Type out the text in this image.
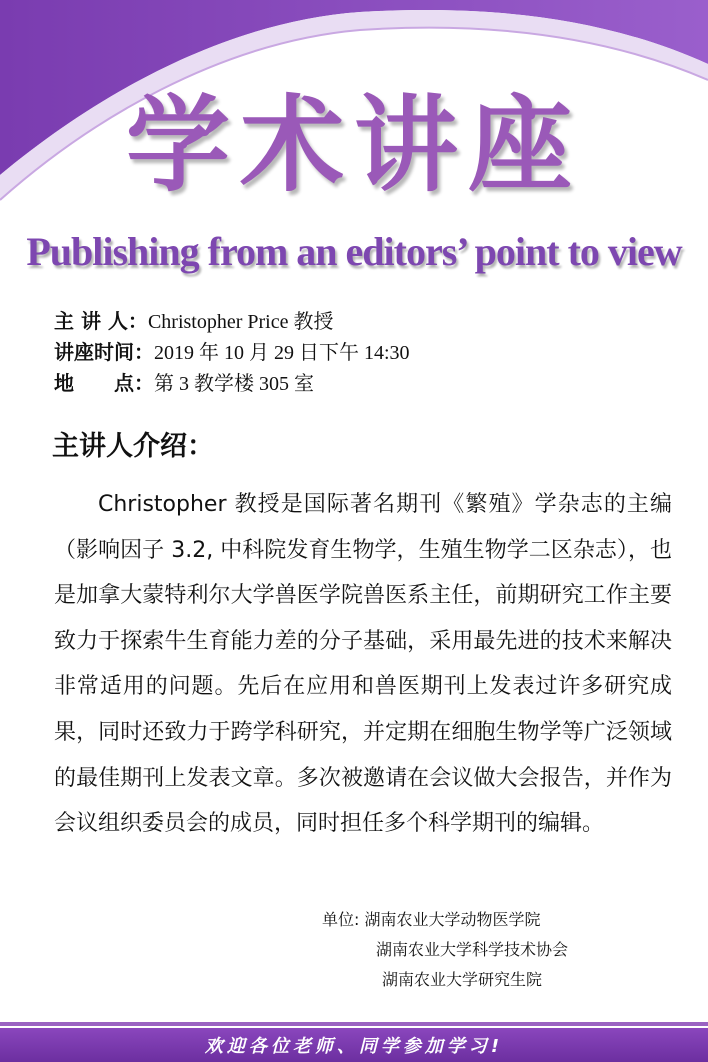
学术讲座
Publishing from an editors’ point to view
主 讲 人：Christopher Price 教授
讲座时间：2019 年 10 月 29 日下午 14:30
地　　点：第 3 教学楼 305 室
主讲人介绍：
Christopher 教授是国际著名期刊《繁殖》学杂志的主编（影响因子 3.2, 中科院发育生物学，生殖生物学二区杂志），也是加拿大蒙特利尔大学兽医学院兽医系主任，前期研究工作主要致力于探索牛生育能力差的分子基础，采用最先进的技术来解决非常适用的问题。先后在应用和兽医期刊上发表过许多研究成果，同时还致力于跨学科研究，并定期在细胞生物学等广泛领域的最佳期刊上发表文章。多次被邀请在会议做大会报告，并作为会议组织委员会的成员，同时担任多个科学期刊的编辑。
单位: 湖南农业大学动物医学院
湖南农业大学科学技术协会
湖南农业大学研究生院
欢迎各位老师、同学参加学习!
